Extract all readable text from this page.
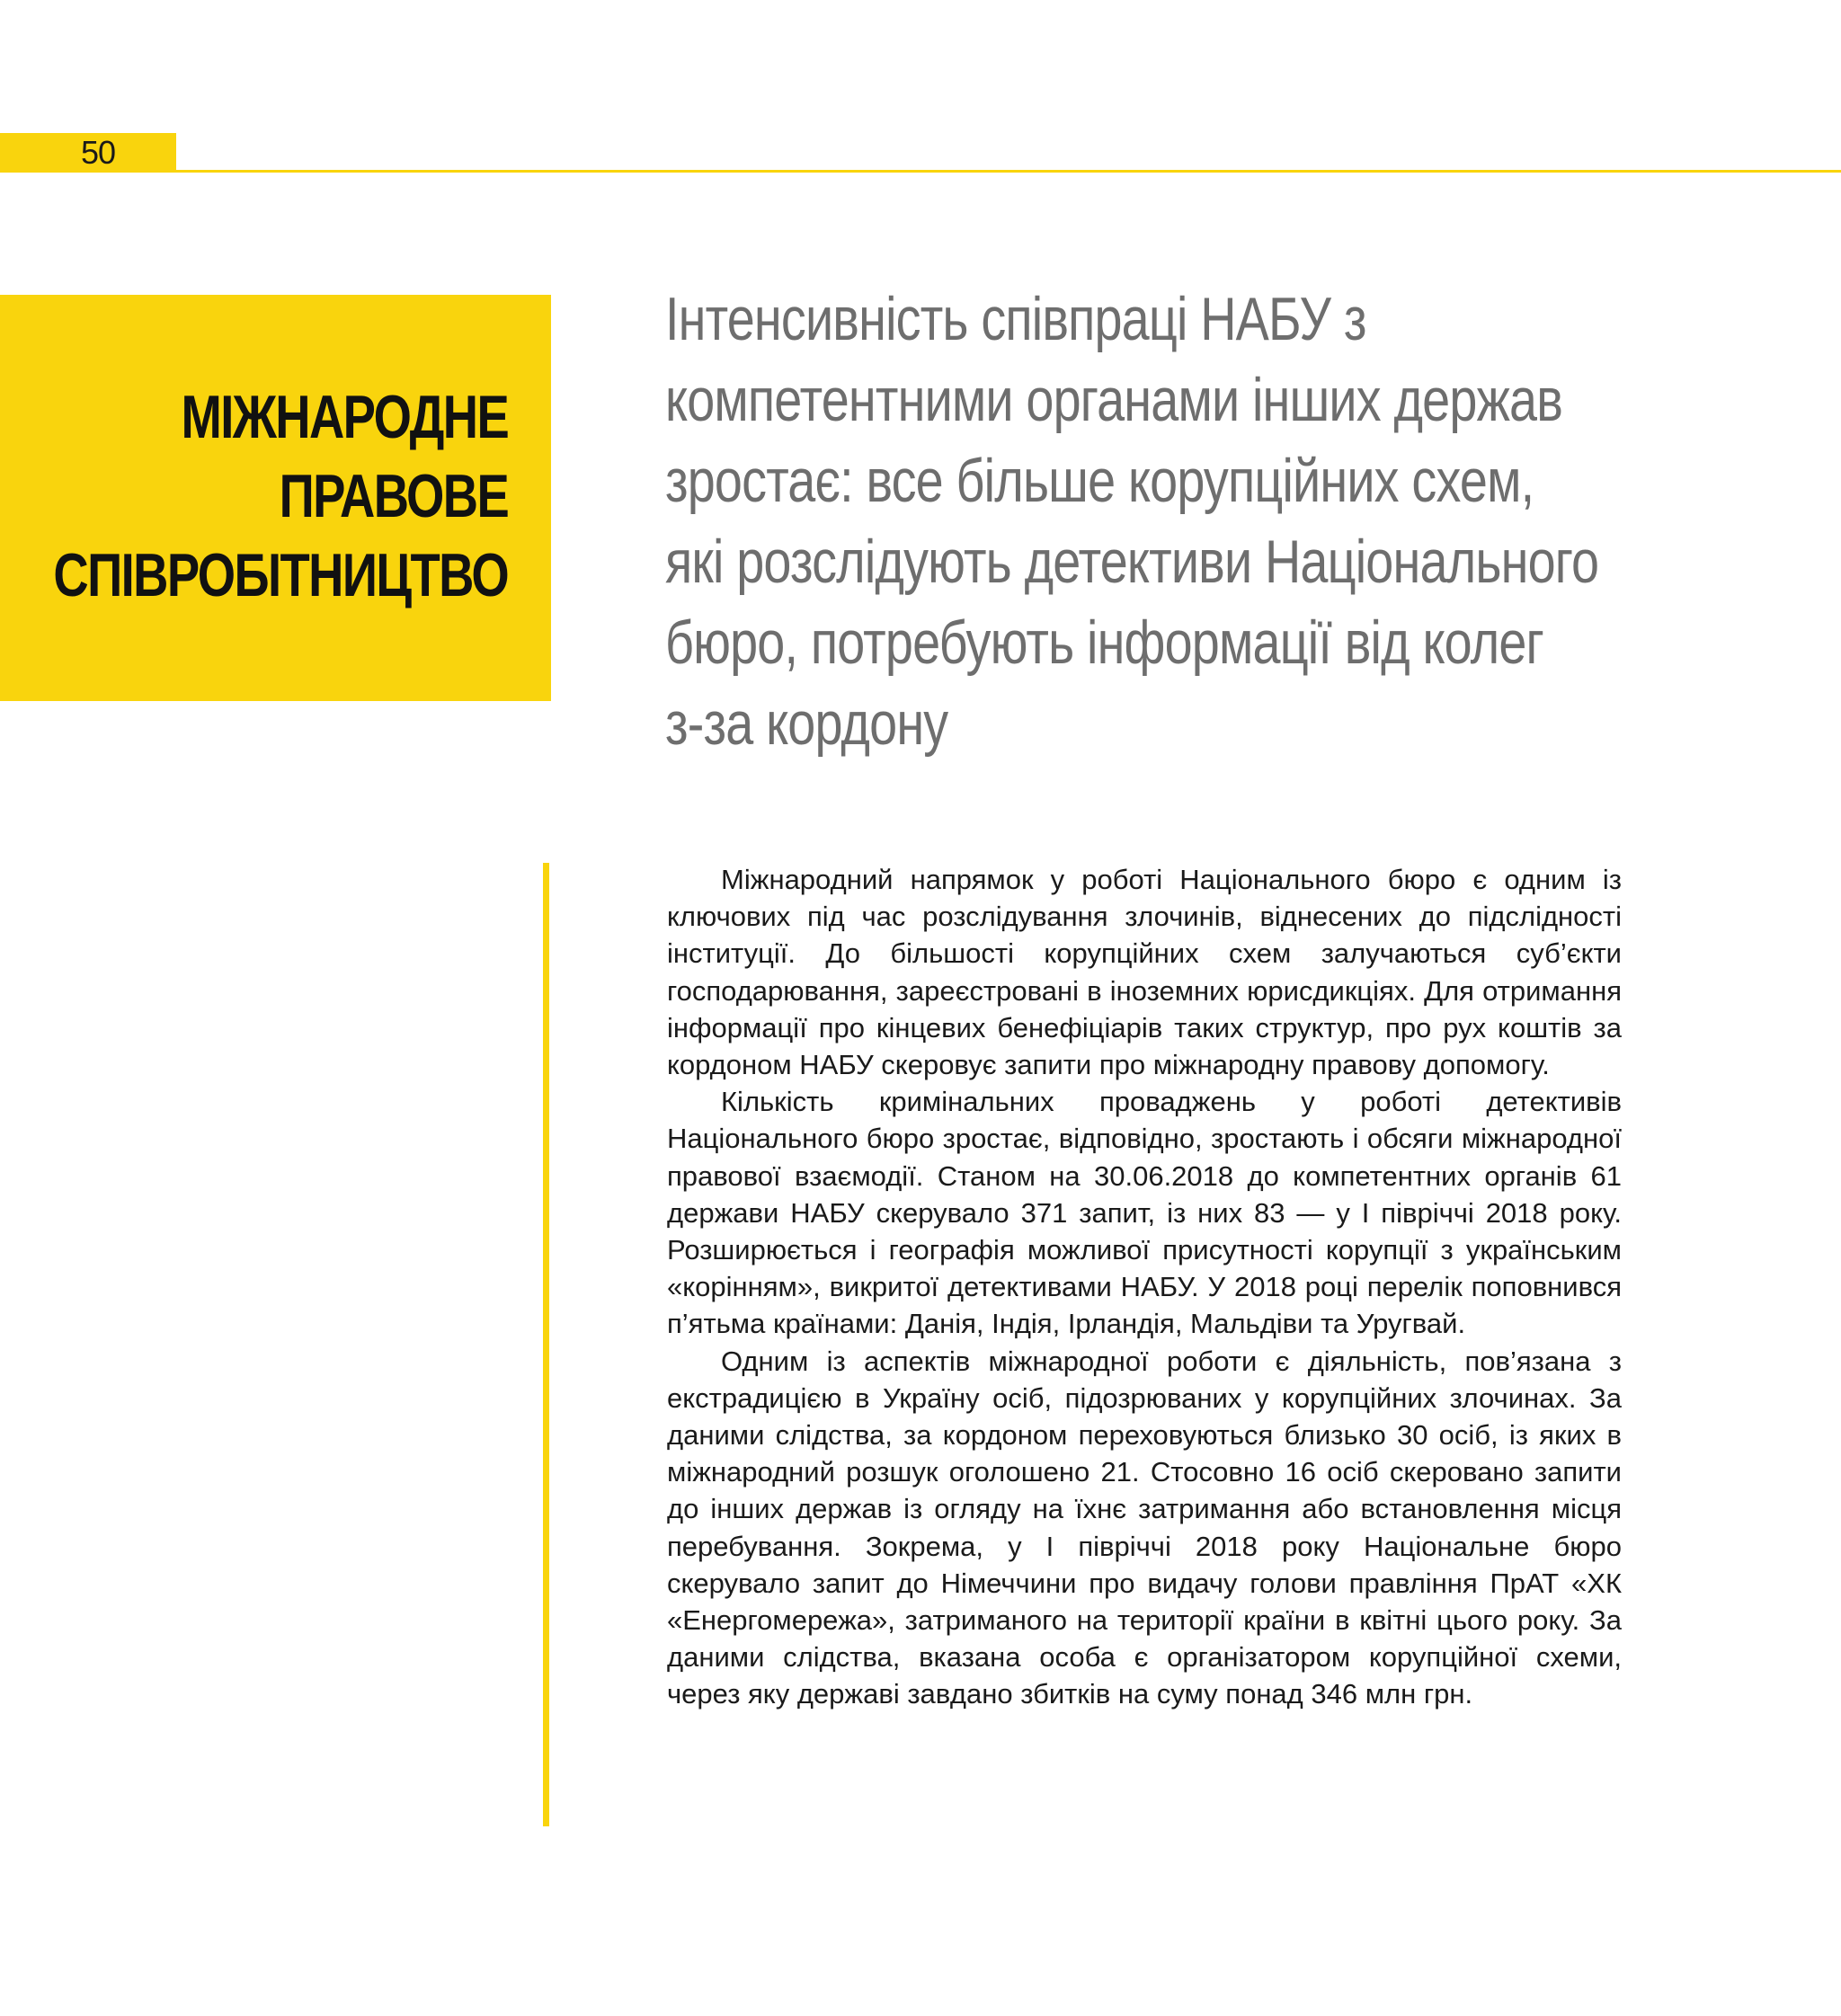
50
МІЖНАРОДНЕ
ПРАВОВЕ
СПІВРОБІТНИЦТВО
Інтенсивність співпраці НАБУ з
компетентними органами інших держав
зростає: все більше корупційних схем,
які розслідують детективи Національного
бюро, потребують інформації від колег
з-за кордону

Міжнародний напрямок у роботі Національного бюро є одним із ключових під час розслідування злочинів, віднесених до підслідності інституції. До більшості корупційних схем залучаються суб’єкти господарювання, зареєстровані в іноземних юрисдикціях. Для отримання інформації про кінцевих бенефіціарів таких структур, про рух коштів за кордоном НАБУ скеровує запити про міжнародну правову допомогу.

Кількість кримінальних проваджень у роботі детективів Національного бюро зростає, відповідно, зростають і обсяги міжнародної правової взаємодії. Станом на 30.06.2018 до компетентних органів 61 держави НАБУ скерувало 371 запит, із них 83 — у І півріччі 2018 року. Розширюється і географія можливої присутності корупції з українським «корінням», викритої детективами НАБУ. У 2018 році перелік поповнився п’ятьма країнами: Данія, Індія, Ірландія, Мальдіви та Уругвай.

Одним із аспектів міжнародної роботи є діяльність, пов’язана з екстрадицією в Україну осіб, підозрюваних у корупційних злочинах. За даними слідства, за кордоном переховуються близько 30 осіб, із яких в міжнародний розшук оголошено 21. Стосовно 16 осіб скеровано запити до інших держав із огляду на їхнє затримання або встановлення місця перебування. Зокрема, у І півріччі 2018 року Національне бюро скерувало запит до Німеччини про видачу голови правління ПрАТ «ХК «Енергомережа», затриманого на території країни в квітні цього року. За даними слідства, вказана особа є організатором корупційної схеми, через яку державі завдано збитків на суму понад 346 млн грн.
